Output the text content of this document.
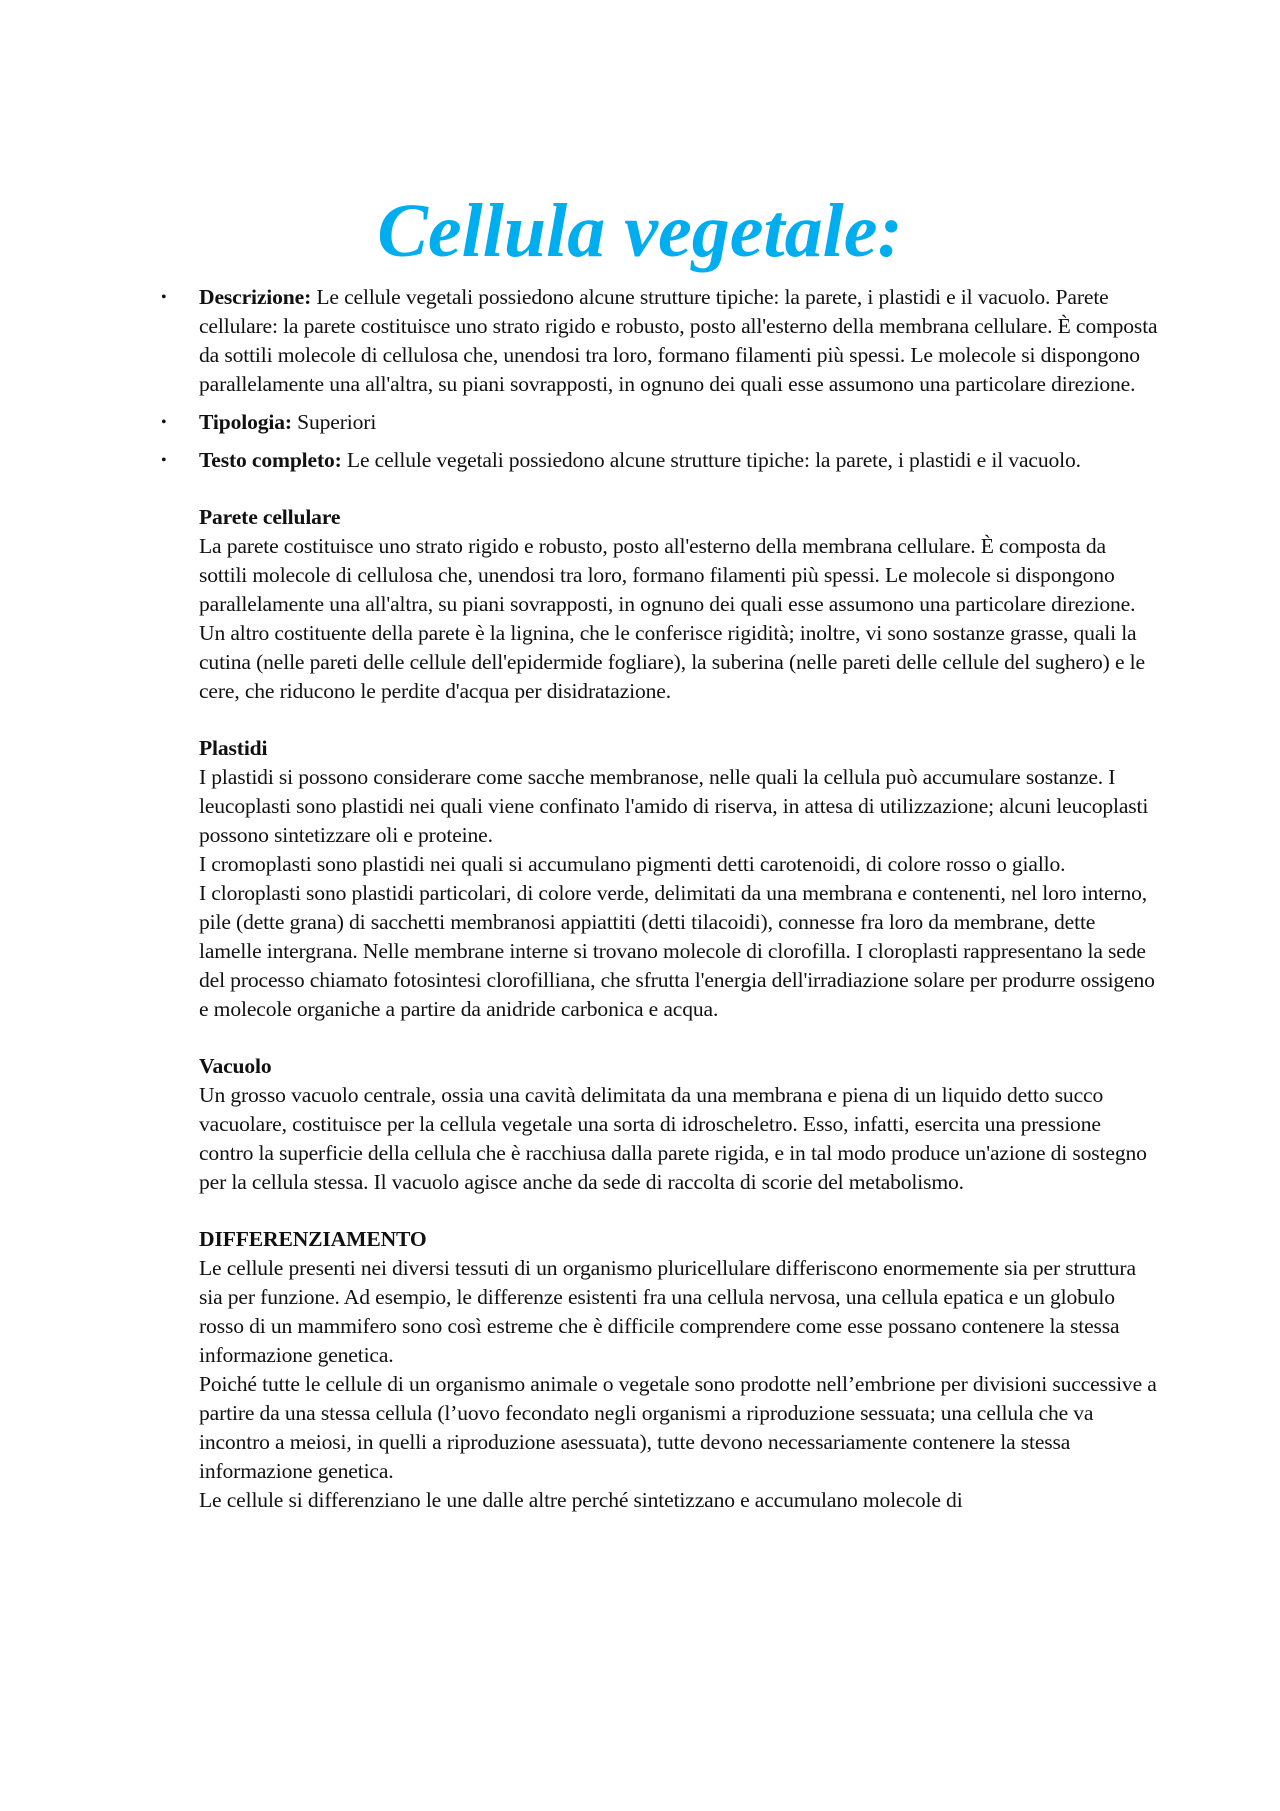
Cellula vegetale:
• Descrizione: Le cellule vegetali possiedono alcune strutture tipiche: la parete, i plastidi e il vacuolo. Parete cellulare: la parete costituisce uno strato rigido e robusto, posto all'esterno della membrana cellulare. È composta da sottili molecole di cellulosa che, unendosi tra loro, formano filamenti più spessi. Le molecole si dispongono parallelamente una all'altra, su piani sovrapposti, in ognuno dei quali esse assumono una particolare direzione.
• Tipologia: Superiori
• Testo completo: Le cellule vegetali possiedono alcune strutture tipiche: la parete, i plastidi e il vacuolo.
Parete cellulare
La parete costituisce uno strato rigido e robusto, posto all'esterno della membrana cellulare. È composta da sottili molecole di cellulosa che, unendosi tra loro, formano filamenti più spessi. Le molecole si dispongono parallelamente una all'altra, su piani sovrapposti, in ognuno dei quali esse assumono una particolare direzione. Un altro costituente della parete è la lignina, che le conferisce rigidità; inoltre, vi sono sostanze grasse, quali la cutina (nelle pareti delle cellule dell'epidermide fogliare), la suberina (nelle pareti delle cellule del sughero) e le cere, che riducono le perdite d'acqua per disidratazione.
Plastidi
I plastidi si possono considerare come sacche membranose, nelle quali la cellula può accumulare sostanze. I leucoplasti sono plastidi nei quali viene confinato l'amido di riserva, in attesa di utilizzazione; alcuni leucoplasti possono sintetizzare oli e proteine.
I cromoplasti sono plastidi nei quali si accumulano pigmenti detti carotenoidi, di colore rosso o giallo.
I cloroplasti sono plastidi particolari, di colore verde, delimitati da una membrana e contenenti, nel loro interno, pile (dette grana) di sacchetti membranosi appiattiti (detti tilacoidi), connesse fra loro da membrane, dette lamelle intergrana. Nelle membrane interne si trovano molecole di clorofilla. I cloroplasti rappresentano la sede del processo chiamato fotosintesi clorofilliana, che sfrutta l'energia dell'irradiazione solare per produrre ossigeno e molecole organiche a partire da anidride carbonica e acqua.
Vacuolo
Un grosso vacuolo centrale, ossia una cavità delimitata da una membrana e piena di un liquido detto succo vacuolare, costituisce per la cellula vegetale una sorta di idroscheletro. Esso, infatti, esercita una pressione contro la superficie della cellula che è racchiusa dalla parete rigida, e in tal modo produce un'azione di sostegno per la cellula stessa. Il vacuolo agisce anche da sede di raccolta di scorie del metabolismo.
DIFFERENZIAMENTO
Le cellule presenti nei diversi tessuti di un organismo pluricellulare differiscono enormemente sia per struttura sia per funzione. Ad esempio, le differenze esistenti fra una cellula nervosa, una cellula epatica e un globulo rosso di un mammifero sono così estreme che è difficile comprendere come esse possano contenere la stessa informazione genetica.
Poiché tutte le cellule di un organismo animale o vegetale sono prodotte nell’embrione per divisioni successive a partire da una stessa cellula (l’uovo fecondato negli organismi a riproduzione sessuata; una cellula che va incontro a meiosi, in quelli a riproduzione asessuata), tutte devono necessariamente contenere la stessa informazione genetica.
Le cellule si differenziano le une dalle altre perché sintetizzano e accumulano molecole di
